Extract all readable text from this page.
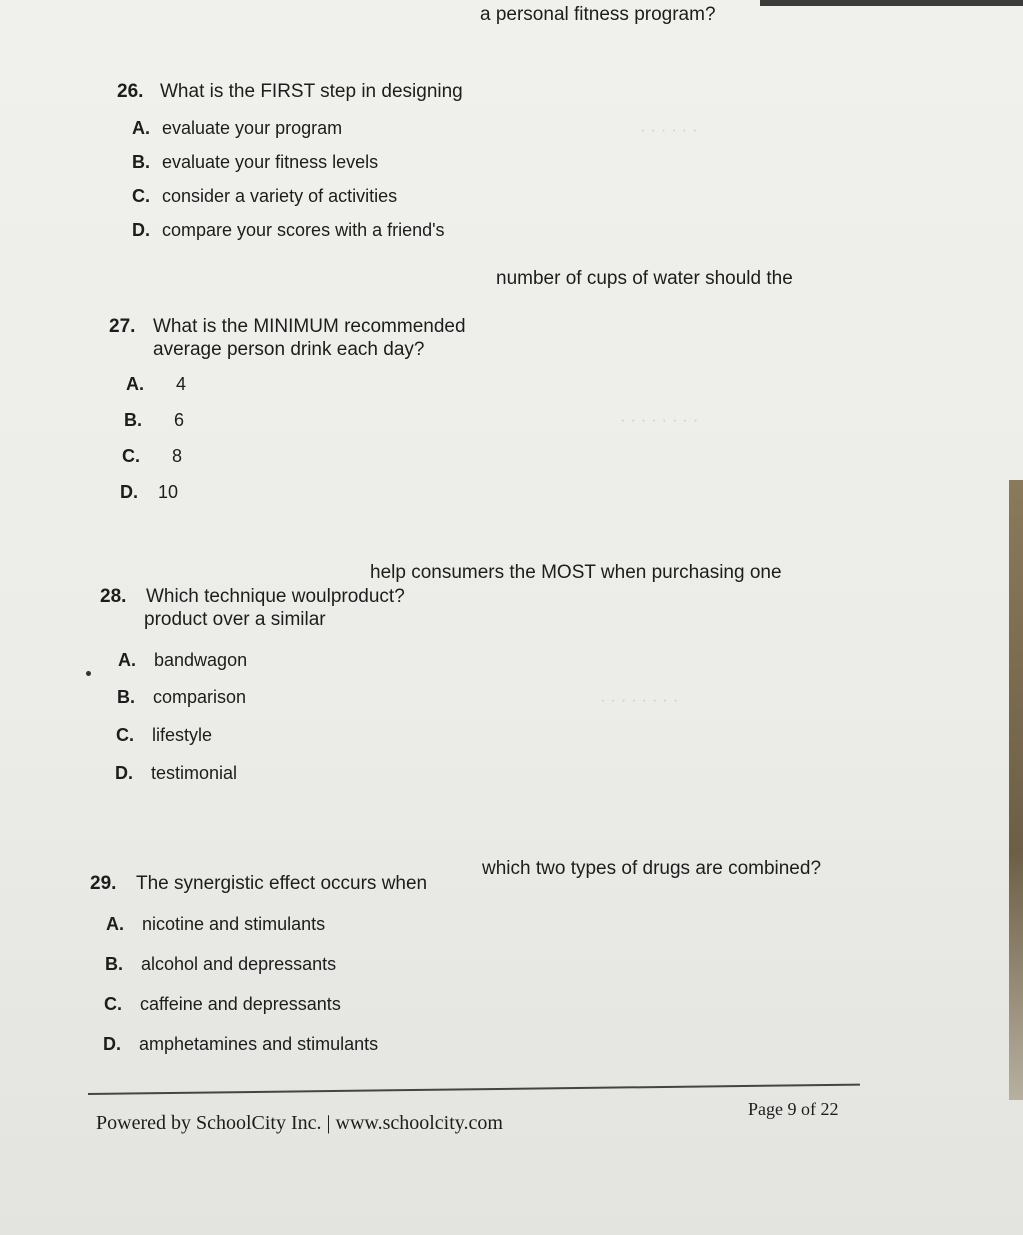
· · · · · ·
· · · · · · · ·
· · · · · · · ·
a personal fitness program?
26. What is the FIRST step in designing
A. evaluate your program
B. evaluate your fitness levels
C. consider a variety of activities
D. compare your scores with a friend's
number of cups of water should the
27. What is the MINIMUM recommended
average person drink each day?
A. 4
B. 6
C. 8
D. 10
help consumers the MOST when purchasing one
28. Which technique woulproduct?
product over a similar
A. bandwagon
B. comparison
C. lifestyle
D. testimonial
which two types of drugs are combined?
29. The synergistic effect occurs when
A. nicotine and stimulants
B. alcohol and depressants
C. caffeine and depressants
D. amphetamines and stimulants
Powered by SchoolCity Inc. | www.schoolcity.com
Page 9 of 22
